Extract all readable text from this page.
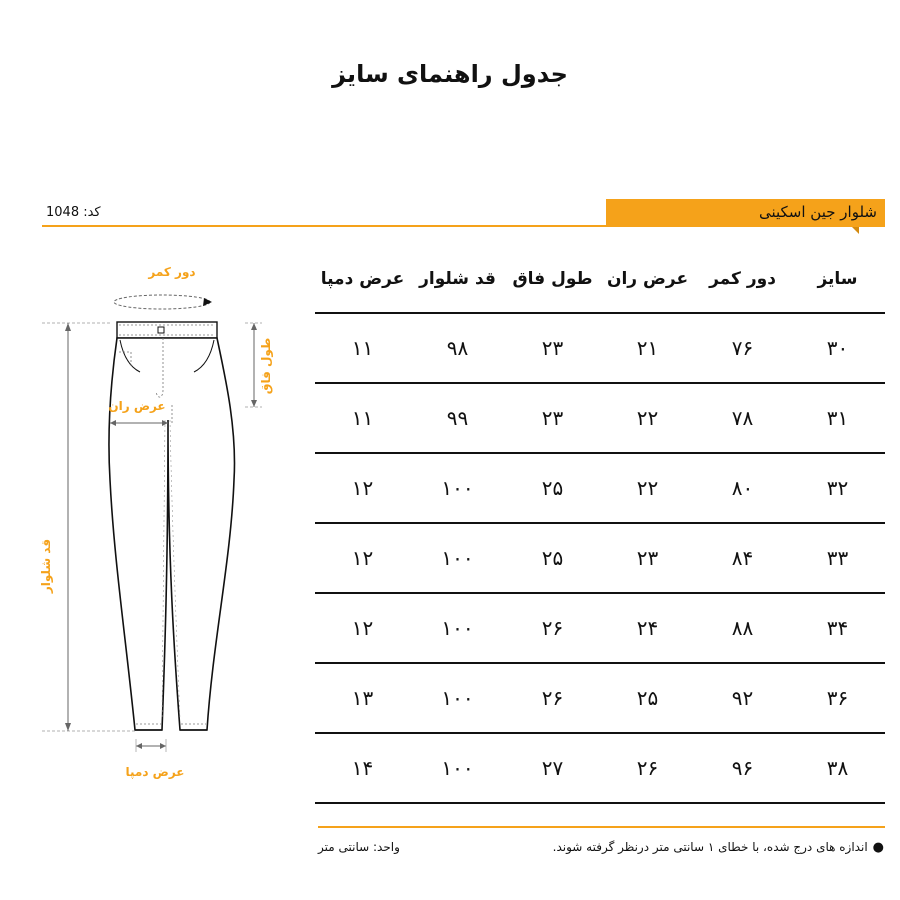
جدول راهنمای سایز
کد: 1048	شلوار جین اسکینی
دور کمر
عرض ران
عرض دمپا
طول فاق
قد شلوار
سایز
دور کمر
عرض ران
طول فاق
قد شلوار
عرض دمپا
۳۰
۷۶
۲۱
۲۳
۹۸
۱۱
۳۱
۷۸
۲۲
۲۳
۹۹
۱۱
۳۲
۸۰
۲۲
۲۵
۱۰۰
۱۲
۳۳
۸۴
۲۳
۲۵
۱۰۰
۱۲
۳۴
۸۸
۲۴
۲۶
۱۰۰
۱۲
۳۶
۹۲
۲۵
۲۶
۱۰۰
۱۳
۳۸
۹۶
۲۶
۲۷
۱۰۰
۱۴
●اندازه های درج شده، با خطای ۱ سانتی متر درنظر گرفته شوند.
واحد: سانتی متر
